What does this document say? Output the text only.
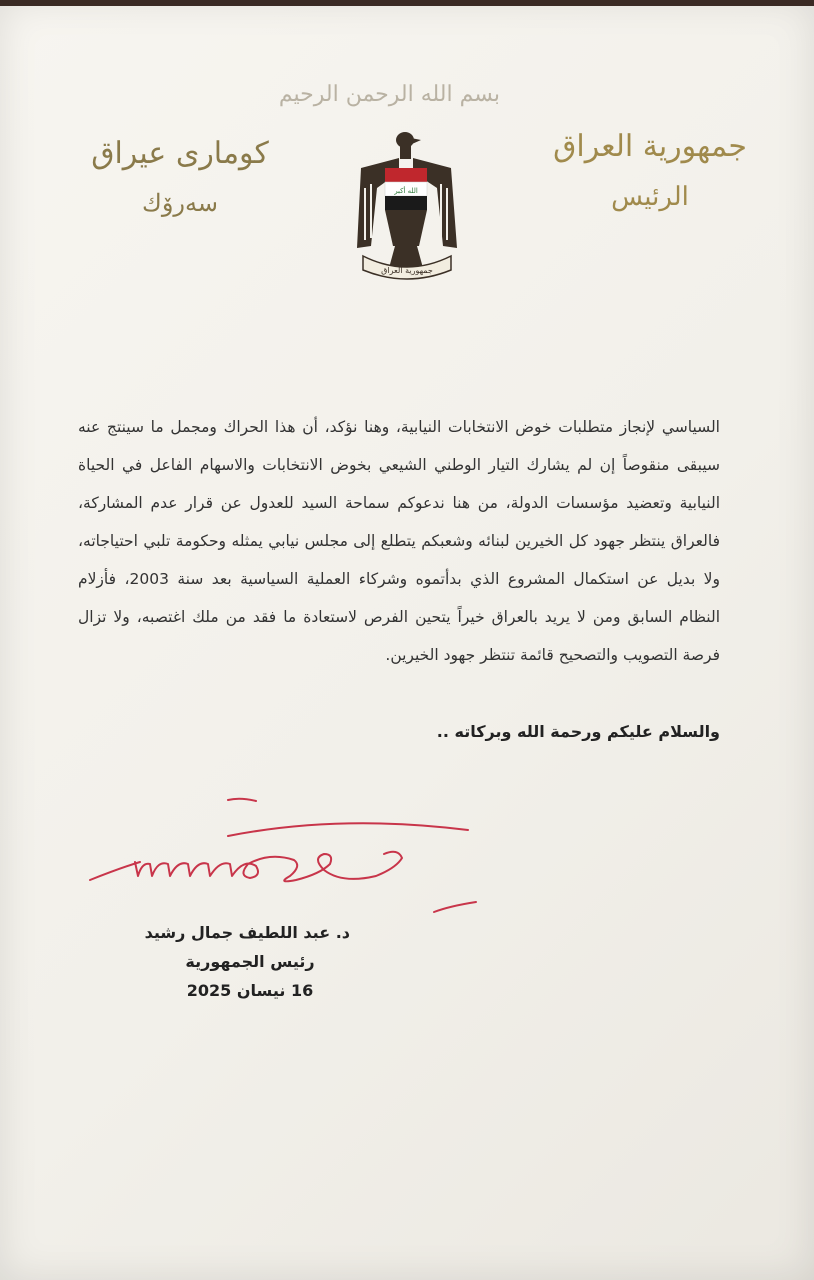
بسم الله الرحمن الرحيم
كوماری عیراق
سەرۆك
جمهورية العراق
الرئيس
الله أكبر
جمهورية العراق
السياسي لإنجاز متطلبات خوض الانتخابات النيابية، وهنا نؤكد، أن هذا الحراك ومجمل ما سينتج عنه سيبقى منقوصاً إن لم يشارك التيار الوطني الشيعي بخوض الانتخابات والاسهام الفاعل في الحياة النيابية وتعضيد مؤسسات الدولة، من هنا ندعوكم سماحة السيد للعدول عن قرار عدم المشاركة، فالعراق ينتظر جهود كل الخيرين لبنائه وشعبكم يتطلع إلى مجلس نيابي يمثله وحكومة تلبي احتياجاته، ولا بديل عن استكمال المشروع الذي بدأتموه وشركاء العملية السياسية بعد سنة 2003، فأزلام النظام السابق ومن لا يريد بالعراق خيراً يتحين الفرص لاستعادة ما فقد من ملك اغتصبه، ولا تزال فرصة التصويب والتصحيح قائمة تنتظر جهود الخيرين.
والسلام عليكم ورحمة الله وبركاته ..
د. عبد اللطيف جمال رشيد
رئيس الجمهورية
16 نيسان 2025
